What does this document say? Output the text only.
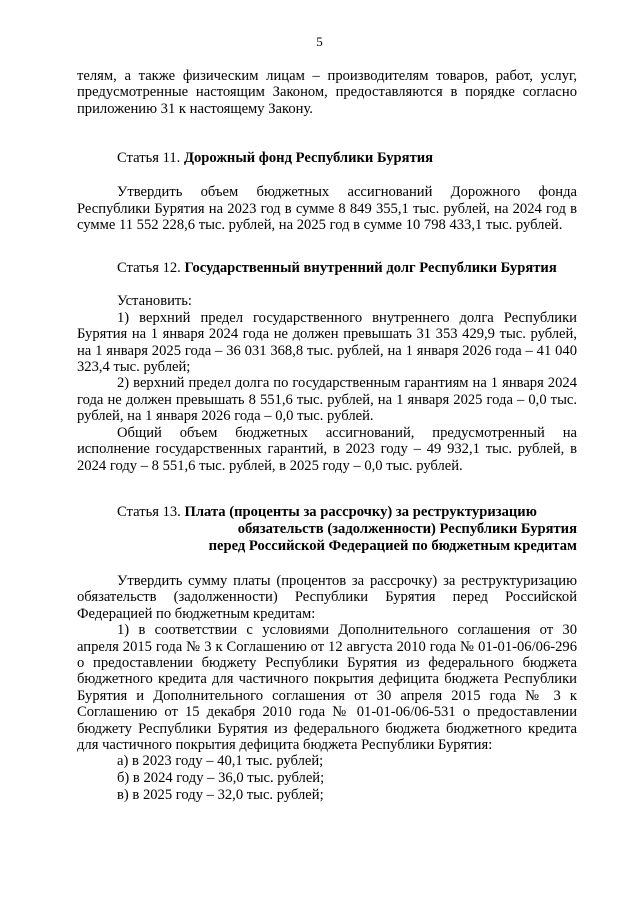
5

телям, а также физическим лицам – производителям товаров, работ, услуг, предусмотренные настоящим Законом, предоставляются в порядке согласно приложению 31 к настоящему Закону.

Статья 11. Дорожный фонд Республики Бурятия

Утвердить объем бюджетных ассигнований Дорожного фонда Республики Бурятия на 2023 год в сумме 8 849 355,1 тыс. рублей, на 2024 год в сумме 11 552 228,6 тыс. рублей, на 2025 год в сумме 10 798 433,1 тыс. рублей.

Статья 12. Государственный внутренний долг Республики Бурятия

Установить:

1) верхний предел государственного внутреннего долга Республики Бурятия на 1 января 2024 года не должен превышать 31 353 429,9 тыс. рублей, на 1 января 2025 года – 36 031 368,8 тыс. рублей, на 1 января 2026 года – 41 040 323,4 тыс. рублей;

2) верхний предел долга по государственным гарантиям на 1 января 2024 года не должен превышать 8 551,6 тыс. рублей, на 1 января 2025 года – 0,0 тыс. рублей, на 1 января 2026 года – 0,0 тыс. рублей.

Общий объем бюджетных ассигнований, предусмотренный на исполнение государственных гарантий, в 2023 году – 49 932,1 тыс. рублей, в 2024 году – 8 551,6 тыс. рублей, в 2025 году – 0,0 тыс. рублей.

Статья 13. Плата (проценты за рассрочку) за реструктуризацию
обязательств (задолженности) Республики Бурятия
перед Российской Федерацией по бюджетным кредитам

Утвердить сумму платы (процентов за рассрочку) за реструктуризацию обязательств (задолженности) Республики Бурятия перед Российской Федерацией по бюджетным кредитам:

1) в соответствии с условиями Дополнительного соглашения от 30 апреля 2015 года № 3 к Соглашению от 12 августа 2010 года № 01-01-06/06-296 о предоставлении бюджету Республики Бурятия из федерального бюджета бюджетного кредита для частичного покрытия дефицита бюджета Республики Бурятия и Дополнительного соглашения от 30 апреля 2015 года № 3 к Соглашению от 15 декабря 2010 года № 01-01-06/06-531 о предоставлении бюджету Республики Бурятия из федерального бюджета бюджетного кредита для частичного покрытия дефицита бюджета Республики Бурятия:

а) в 2023 году – 40,1 тыс. рублей;

б) в 2024 году – 36,0 тыс. рублей;

в) в 2025 году – 32,0 тыс. рублей;
